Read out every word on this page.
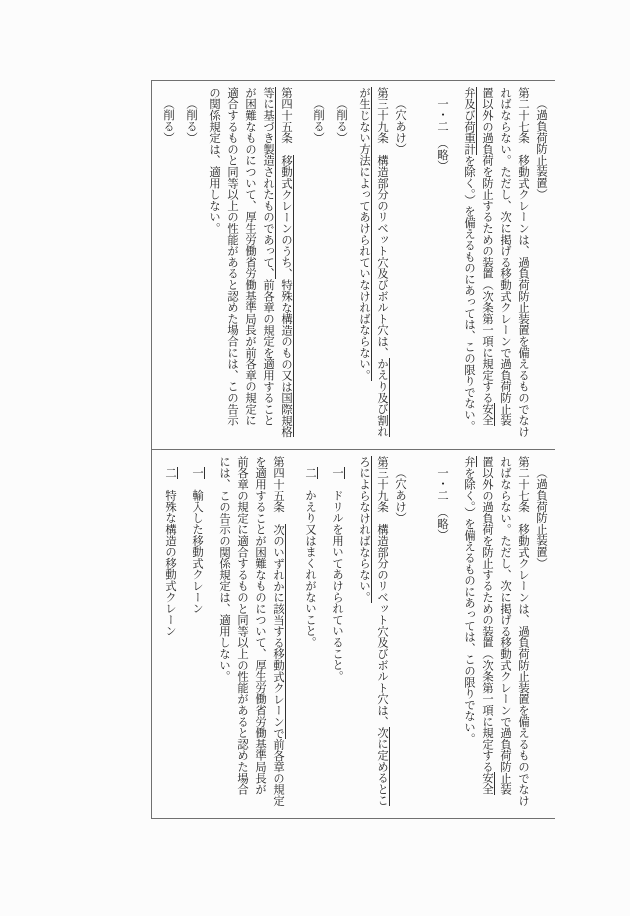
（過負荷防止装置）
第二十七条　移動式クレーンは、過負荷防止装置を備えるものでなけ
ればならない。ただし、次に掲げる移動式クレーンで過負荷防止装
置以外の過負荷を防止するための装置（次条第一項に規定する安全
弁及び荷重計を除く。）を備えるものにあっては、この限りでない。
一・二　（略）
（穴あけ）
第三十九条　構造部分のリベット穴及びボルト穴は、かえり及び割れ
が生じない方法によってあけられていなければならない。
（削る）
（削る）
第四十五条　移動式クレーンのうち、特殊な構造のもの又は国際規格
等に基づき製造されたものであって、前各章の規定を適用すること
が困難なものについて、厚生労働省労働基準局長が前各章の規定に
適合するものと同等以上の性能があると認めた場合には、この告示
の関係規定は、適用しない。
（削る）
（削る）
（過負荷防止装置）
第二十七条　移動式クレーンは、過負荷防止装置を備えるものでなけ
ればならない。ただし、次に掲げる移動式クレーンで過負荷防止装
置以外の過負荷を防止するための装置（次条第一項に規定する安全
弁を除く。）を備えるものにあっては、この限りでない。
一・二　（略）
（穴あけ）
第三十九条　構造部分のリベット穴及びボルト穴は、次に定めるとこ
ろによらなければならない。
一　ドリルを用いてあけられていること。
二　かえり又はまくれがないこと。
第四十五条　次のいずれかに該当する移動式クレーンで前各章の規定
を適用することが困難なものについて、厚生労働省労働基準局長が
前各章の規定に適合するものと同等以上の性能があると認めた場合
には、この告示の関係規定は、適用しない。
一　輸入した移動式クレーン
二　特殊な構造の移動式クレーン
